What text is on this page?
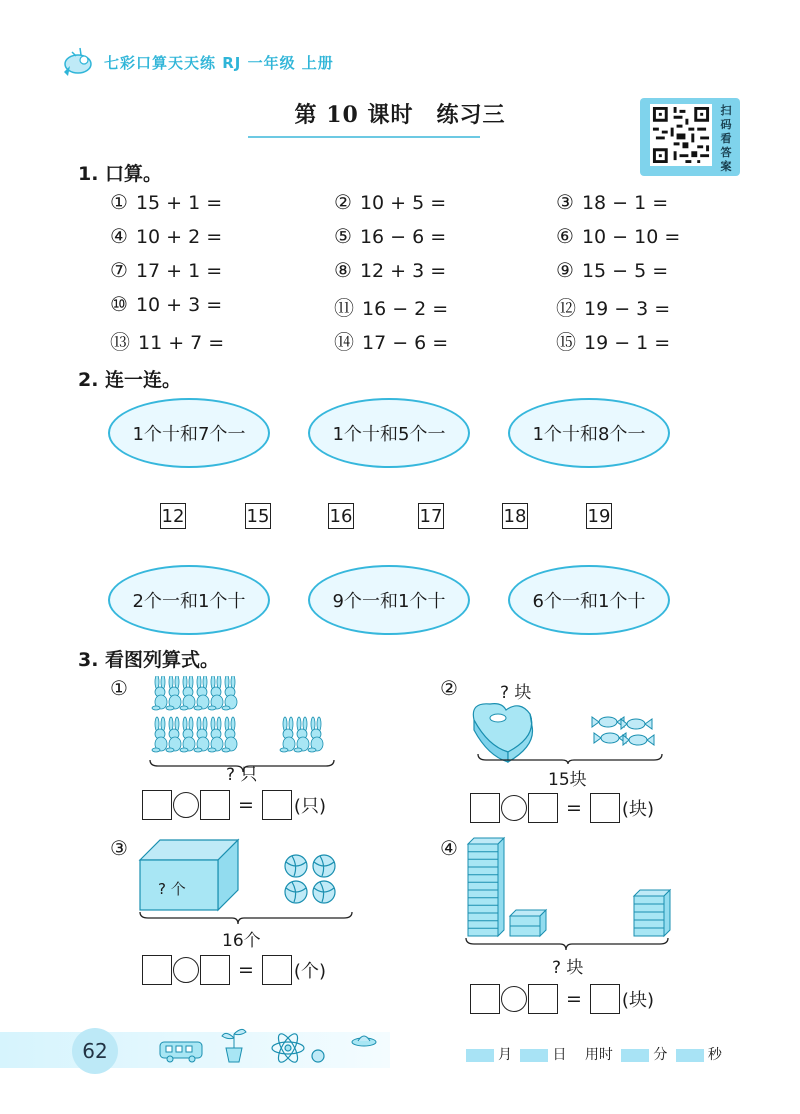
七彩口算天天练 RJ 一年级 上册
第 10 课时　练习三	扫
码
看
答
案
1. 口算。
① 15 + 1 =	② 10 + 5 =	③ 18 − 1 =
④ 10 + 2 =	⑤ 16 − 6 =	⑥ 10 − 10 =
⑦ 17 + 1 =	⑧ 12 + 3 =	⑨ 15 − 5 =
⑩ 10 + 3 =	⑪ 16 − 2 =	⑫ 19 − 3 =
⑬ 11 + 7 =	⑭ 17 − 6 =	⑮ 19 − 1 =
2. 连一连。
1个十和7个一	1个十和5个一	1个十和8个一
12	15	16	17	18	19
2个一和1个十	9个一和1个十	6个一和1个十
3. 看图列算式。
①
? 只
= (只)
② ? 块
15块
= (块)
③
? 个
16个
= (个)
④
? 块
= (块)
62	月	日 用时	分	秒
